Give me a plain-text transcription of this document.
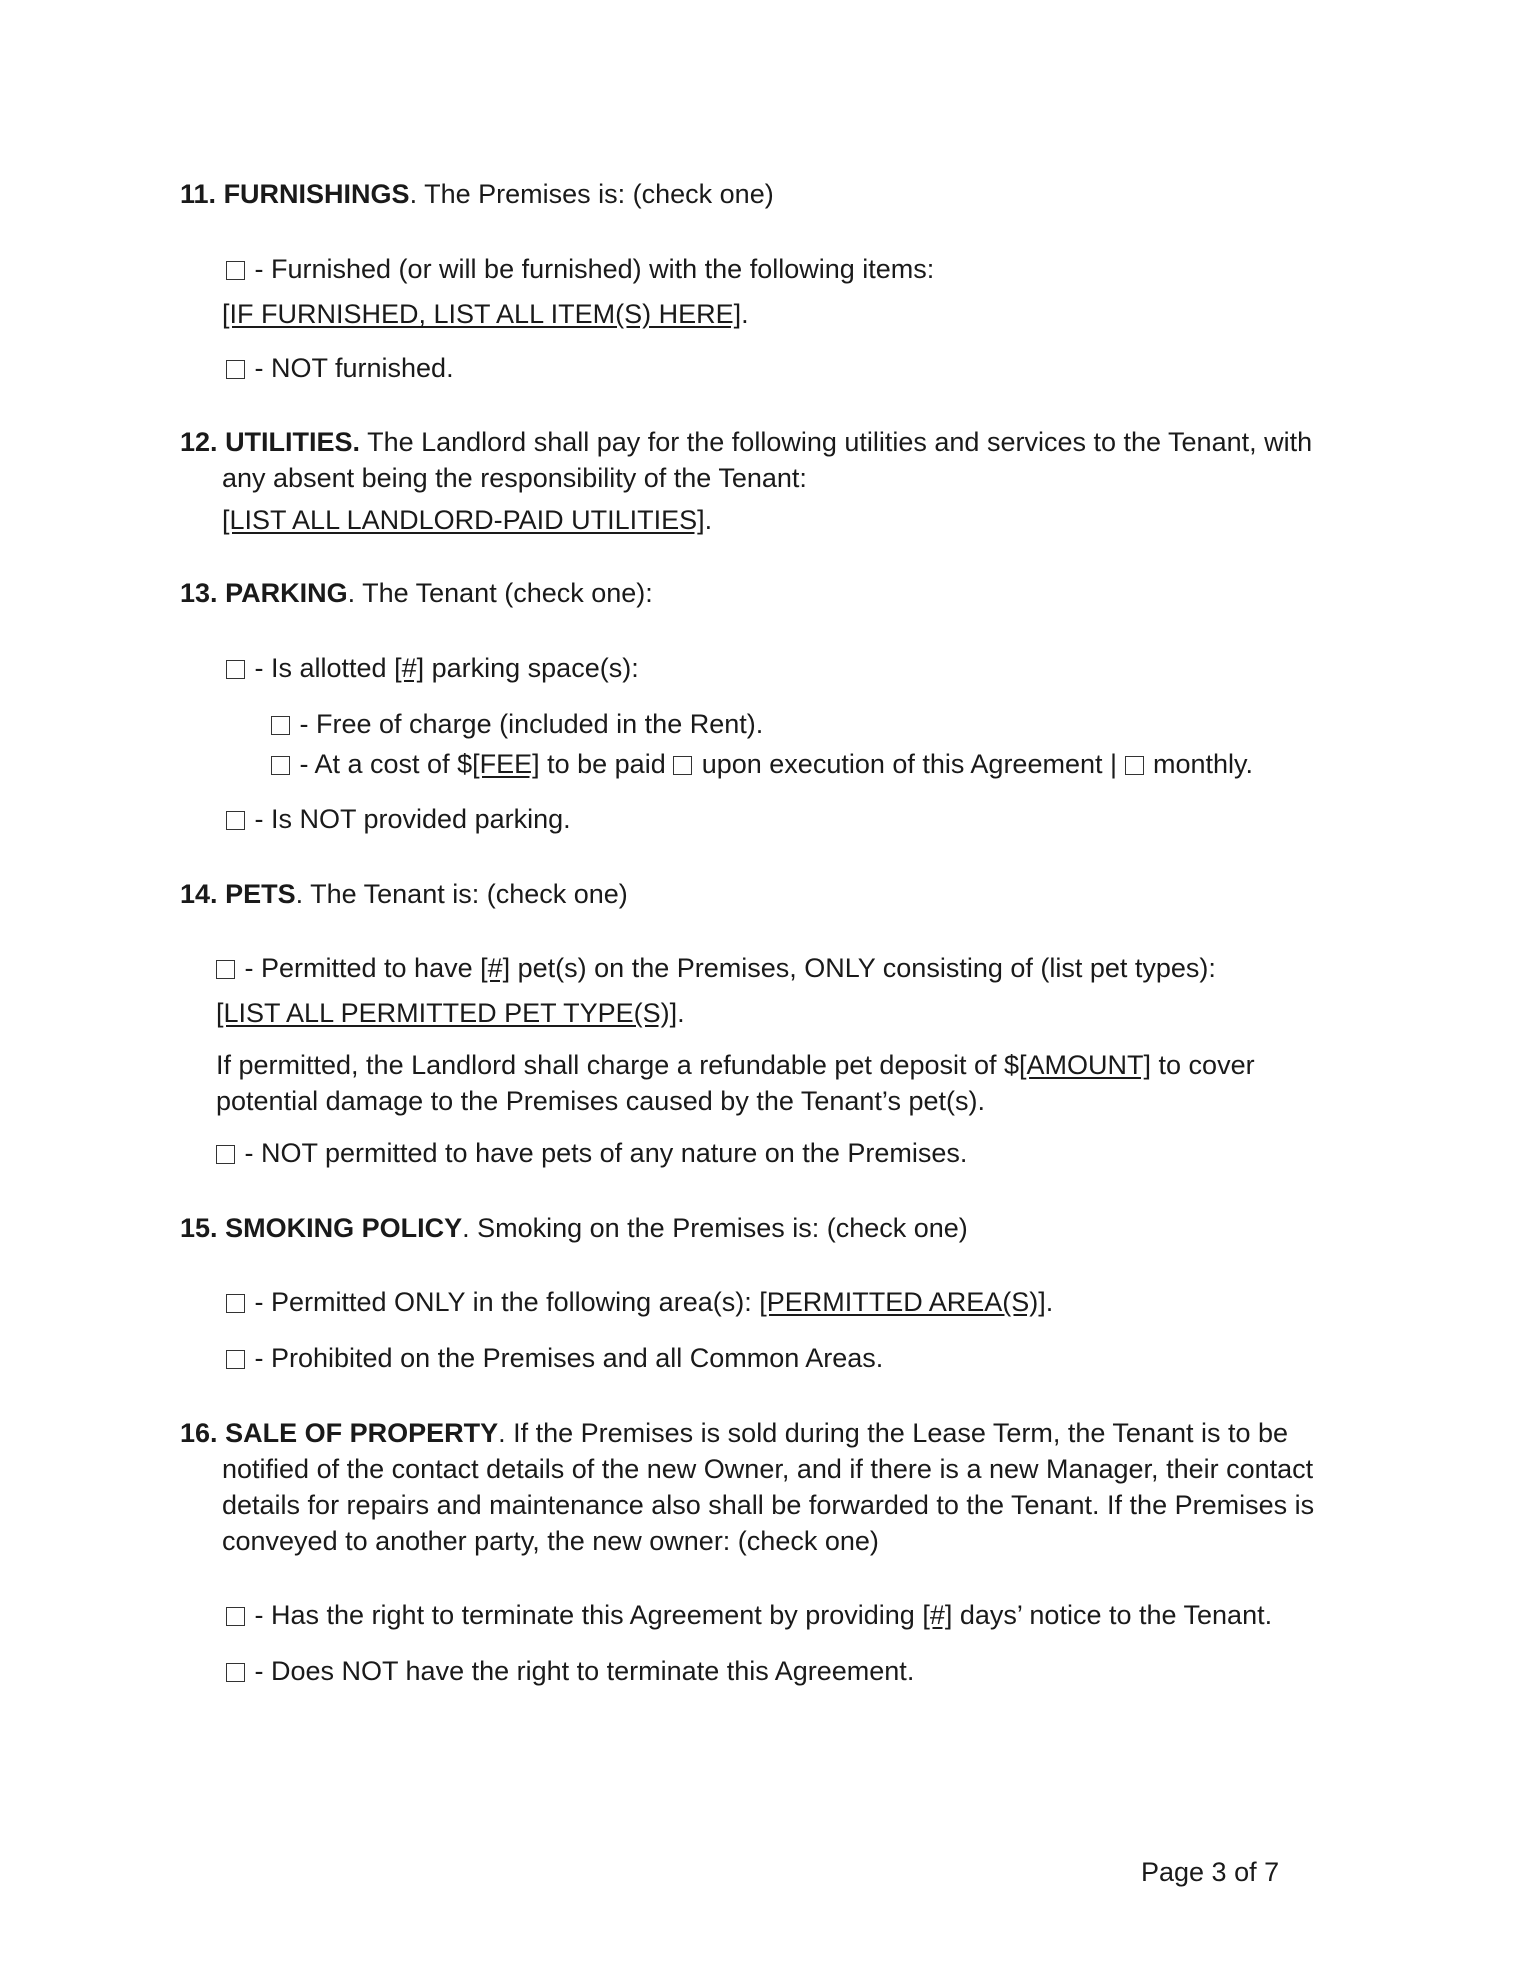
11. FURNISHINGS. The Premises is: (check one)
- Furnished (or will be furnished) with the following items:
[IF FURNISHED, LIST ALL ITEM(S) HERE].
- NOT furnished.
12. UTILITIES. The Landlord shall pay for the following utilities and services to the Tenant, with
any absent being the responsibility of the Tenant:
[LIST ALL LANDLORD-PAID UTILITIES].
13. PARKING. The Tenant (check one):
- Is allotted [#] parking space(s):
- Free of charge (included in the Rent).
- At a cost of $[FEE] to be paid  upon execution of this Agreement |  monthly.
- Is NOT provided parking.
14. PETS. The Tenant is: (check one)
- Permitted to have [#] pet(s) on the Premises, ONLY consisting of (list pet types):
[LIST ALL PERMITTED PET TYPE(S)].
If permitted, the Landlord shall charge a refundable pet deposit of $[AMOUNT] to cover
potential damage to the Premises caused by the Tenant’s pet(s).
- NOT permitted to have pets of any nature on the Premises.
15. SMOKING POLICY. Smoking on the Premises is: (check one)
- Permitted ONLY in the following area(s): [PERMITTED AREA(S)].
- Prohibited on the Premises and all Common Areas.
16. SALE OF PROPERTY. If the Premises is sold during the Lease Term, the Tenant is to be
notified of the contact details of the new Owner, and if there is a new Manager, their contact
details for repairs and maintenance also shall be forwarded to the Tenant. If the Premises is
conveyed to another party, the new owner: (check one)
- Has the right to terminate this Agreement by providing [#] days’ notice to the Tenant.
- Does NOT have the right to terminate this Agreement.
Page 3 of 7
